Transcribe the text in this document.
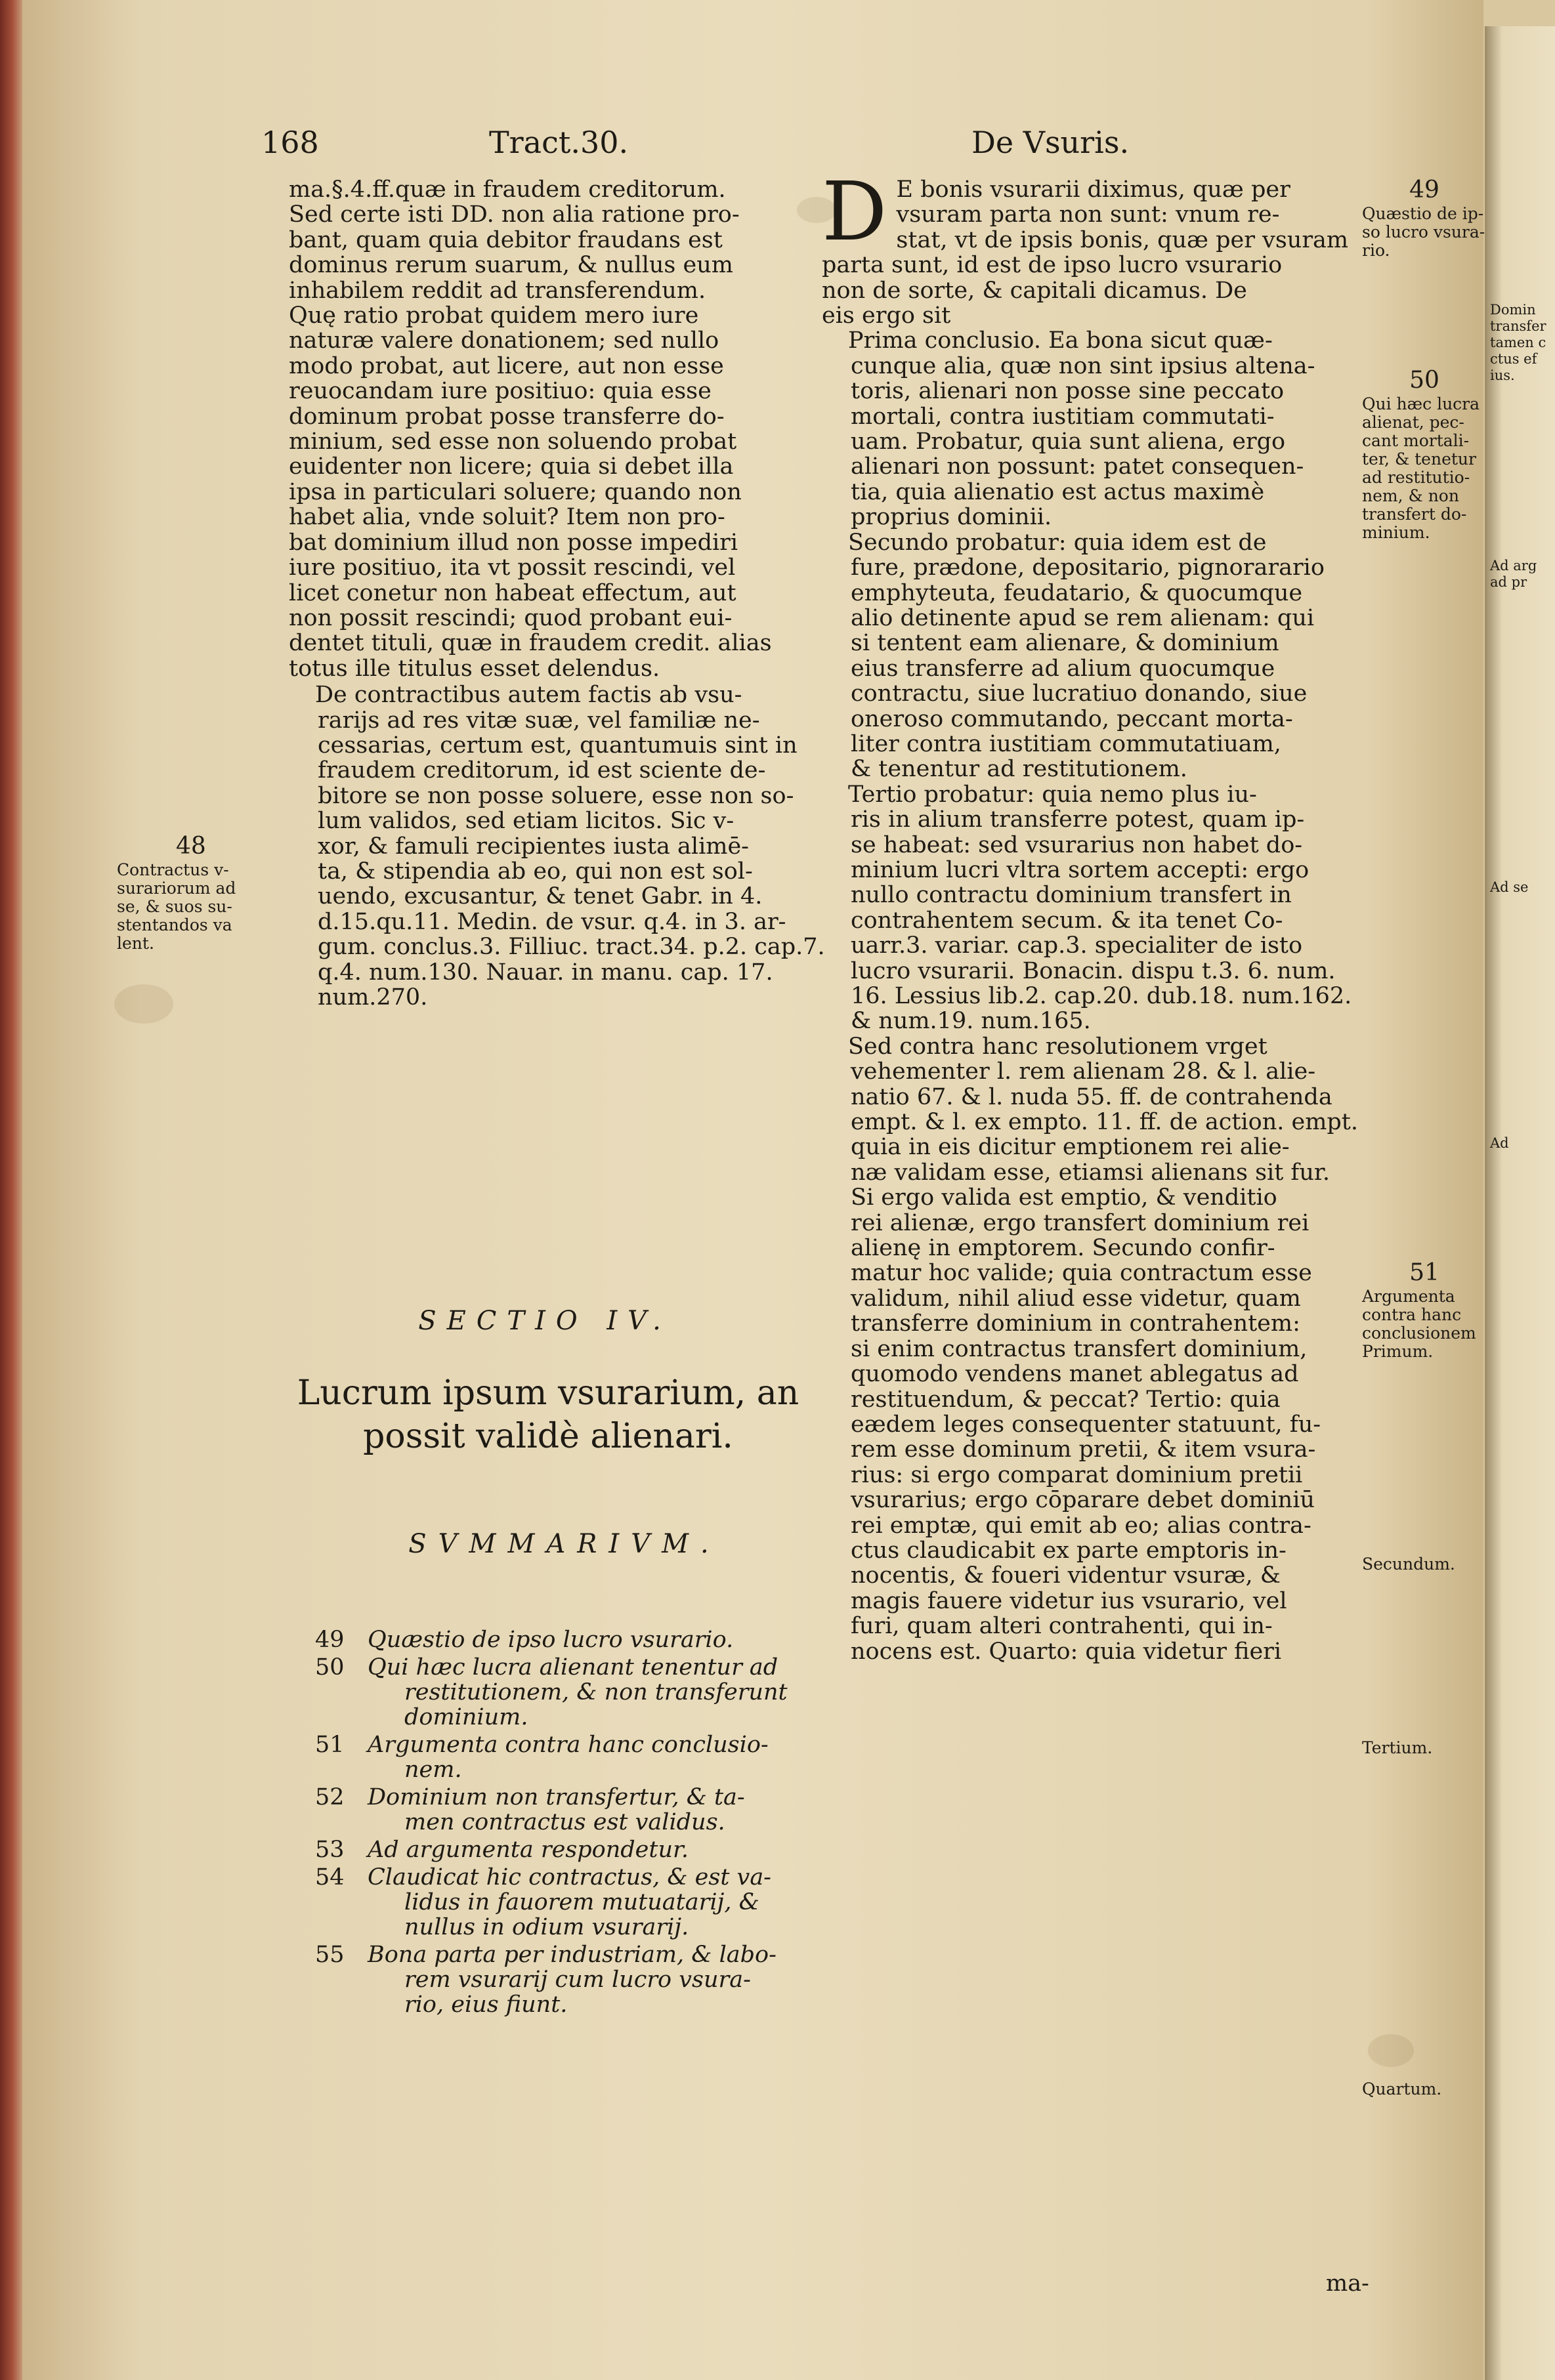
Domin
transfer
tamen c
ctus ef
ius.
Ad arg
ad pr
Ad se
Ad
168	Tract.30.	De Vsuris.

ma.§.4.ff.quæ in fraudem creditorum.
Sed certe isti DD. non alia ratione pro-
bant, quam quia debitor fraudans est
dominus rerum suarum, & nullus eum
inhabilem reddit ad transferendum.
Quę ratio probat quidem mero iure
naturæ valere donationem; sed nullo
modo probat, aut licere, aut non esse
reuocandam iure positiuo: quia esse
dominum probat posse transferre do-
minium, sed esse non soluendo probat
euidenter non licere; quia si debet illa
ipsa in particulari soluere; quando non
habet alia, vnde soluit? Item non pro-
bat dominium illud non posse impediri
iure positiuo, ita vt possit rescindi, vel
licet conetur non habeat effectum, aut
non possit rescindi; quod probant eui-
dentet tituli, quæ in fraudem credit. alias
totus ille titulus esset delendus.

De contractibus autem factis ab vsu-
rarijs ad res vitæ suæ, vel familiæ ne-
cessarias, certum est, quantumuis sint in
fraudem creditorum, id est sciente de-
bitore se non posse soluere, esse non so-
lum validos, sed etiam licitos. Sic v-
xor, & famuli recipientes iusta alimē-
ta, & stipendia ab eo, qui non est sol-
uendo, excusantur, & tenet Gabr. in 4.
d.15.qu.11. Medin. de vsur. q.4. in 3. ar-
gum. conclus.3. Filliuc. tract.34. p.2. cap.7.
q.4. num.130. Nauar. in manu. cap. 17.
num.270.

48
Contractus v-
surariorum ad
se, & suos su-
stentandos va
lent.
SECTIO IV.
Lucrum ipsum vsurarium, an
possit validè alienari.
SVMMARIVM.
49 Quæstio de ipso lucro vsurario.
50 Qui hæc lucra alienant tenentur ad
restitutionem, & non transferunt
dominium.
51 Argumenta contra hanc conclusio-
nem.
52 Dominium non transfertur, & ta-
men contractus est validus.
53 Ad argumenta respondetur.
54 Claudicat hic contractus, & est va-
lidus in fauorem mutuatarij, &
nullus in odium vsurarij.
55 Bona parta per industriam, & labo-
rem vsurarij cum lucro vsura-
rio, eius fiunt.

D E bonis vsurarii diximus, quæ per
vsuram parta non sunt: vnum re-
stat, vt de ipsis bonis, quæ per vsuram
parta sunt, id est de ipso lucro vsurario
non de sorte, & capitali dicamus. De
eis ergo sit

Prima conclusio. Ea bona sicut quæ-
cunque alia, quæ non sint ipsius altena-
toris, alienari non posse sine peccato
mortali, contra iustitiam commutati-
uam. Probatur, quia sunt aliena, ergo
alienari non possunt: patet consequen-
tia, quia alienatio est actus maximè
proprius dominii.

Secundo probatur: quia idem est de
fure, prædone, depositario, pignorarario
emphyteuta, feudatario, & quocumque
alio detinente apud se rem alienam: qui
si tentent eam alienare, & dominium
eius transferre ad alium quocumque
contractu, siue lucratiuo donando, siue
oneroso commutando, peccant morta-
liter contra iustitiam commutatiuam,
& tenentur ad restitutionem.

Tertio probatur: quia nemo plus iu-
ris in alium transferre potest, quam ip-
se habeat: sed vsurarius non habet do-
minium lucri vltra sortem accepti: ergo
nullo contractu dominium transfert in
contrahentem secum. & ita tenet Co-
uarr.3. variar. cap.3. specialiter de isto
lucro vsurarii. Bonacin. dispu t.3. 6. num.
16. Lessius lib.2. cap.20. dub.18. num.162.
& num.19. num.165.

Sed contra hanc resolutionem vrget
vehementer l. rem alienam 28. & l. alie-
natio 67. & l. nuda 55. ff. de contrahenda
empt. & l. ex empto. 11. ff. de action. empt.
quia in eis dicitur emptionem rei alie-
næ validam esse, etiamsi alienans sit fur.
Si ergo valida est emptio, & venditio
rei alienæ, ergo transfert dominium rei
alienę in emptorem. Secundo confir-
matur hoc valide; quia contractum esse
validum, nihil aliud esse videtur, quam
transferre dominium in contrahentem:
si enim contractus transfert dominium,
quomodo vendens manet ablegatus ad
restituendum, & peccat? Tertio: quia
eædem leges consequenter statuunt, fu-
rem esse dominum pretii, & item vsura-
rius: si ergo comparat dominium pretii
vsurarius; ergo cōparare debet dominiū
rei emptæ, qui emit ab eo; alias contra-
ctus claudicabit ex parte emptoris in-
nocentis, & foueri videntur vsuræ, &
magis fauere videtur ius vsurario, vel
furi, quam alteri contrahenti, qui in-
nocens est. Quarto: quia videtur fieri

49
Quæstio de ip-
so lucro vsura-
rio.
50
Qui hæc lucra
alienat, pec-
cant mortali-
ter, & tenetur
ad restitutio-
nem, & non
transfert do-
minium.
51
Argumenta
contra hanc
conclusionem
Primum.
Secundum.
Tertium.
Quartum.
ma-
